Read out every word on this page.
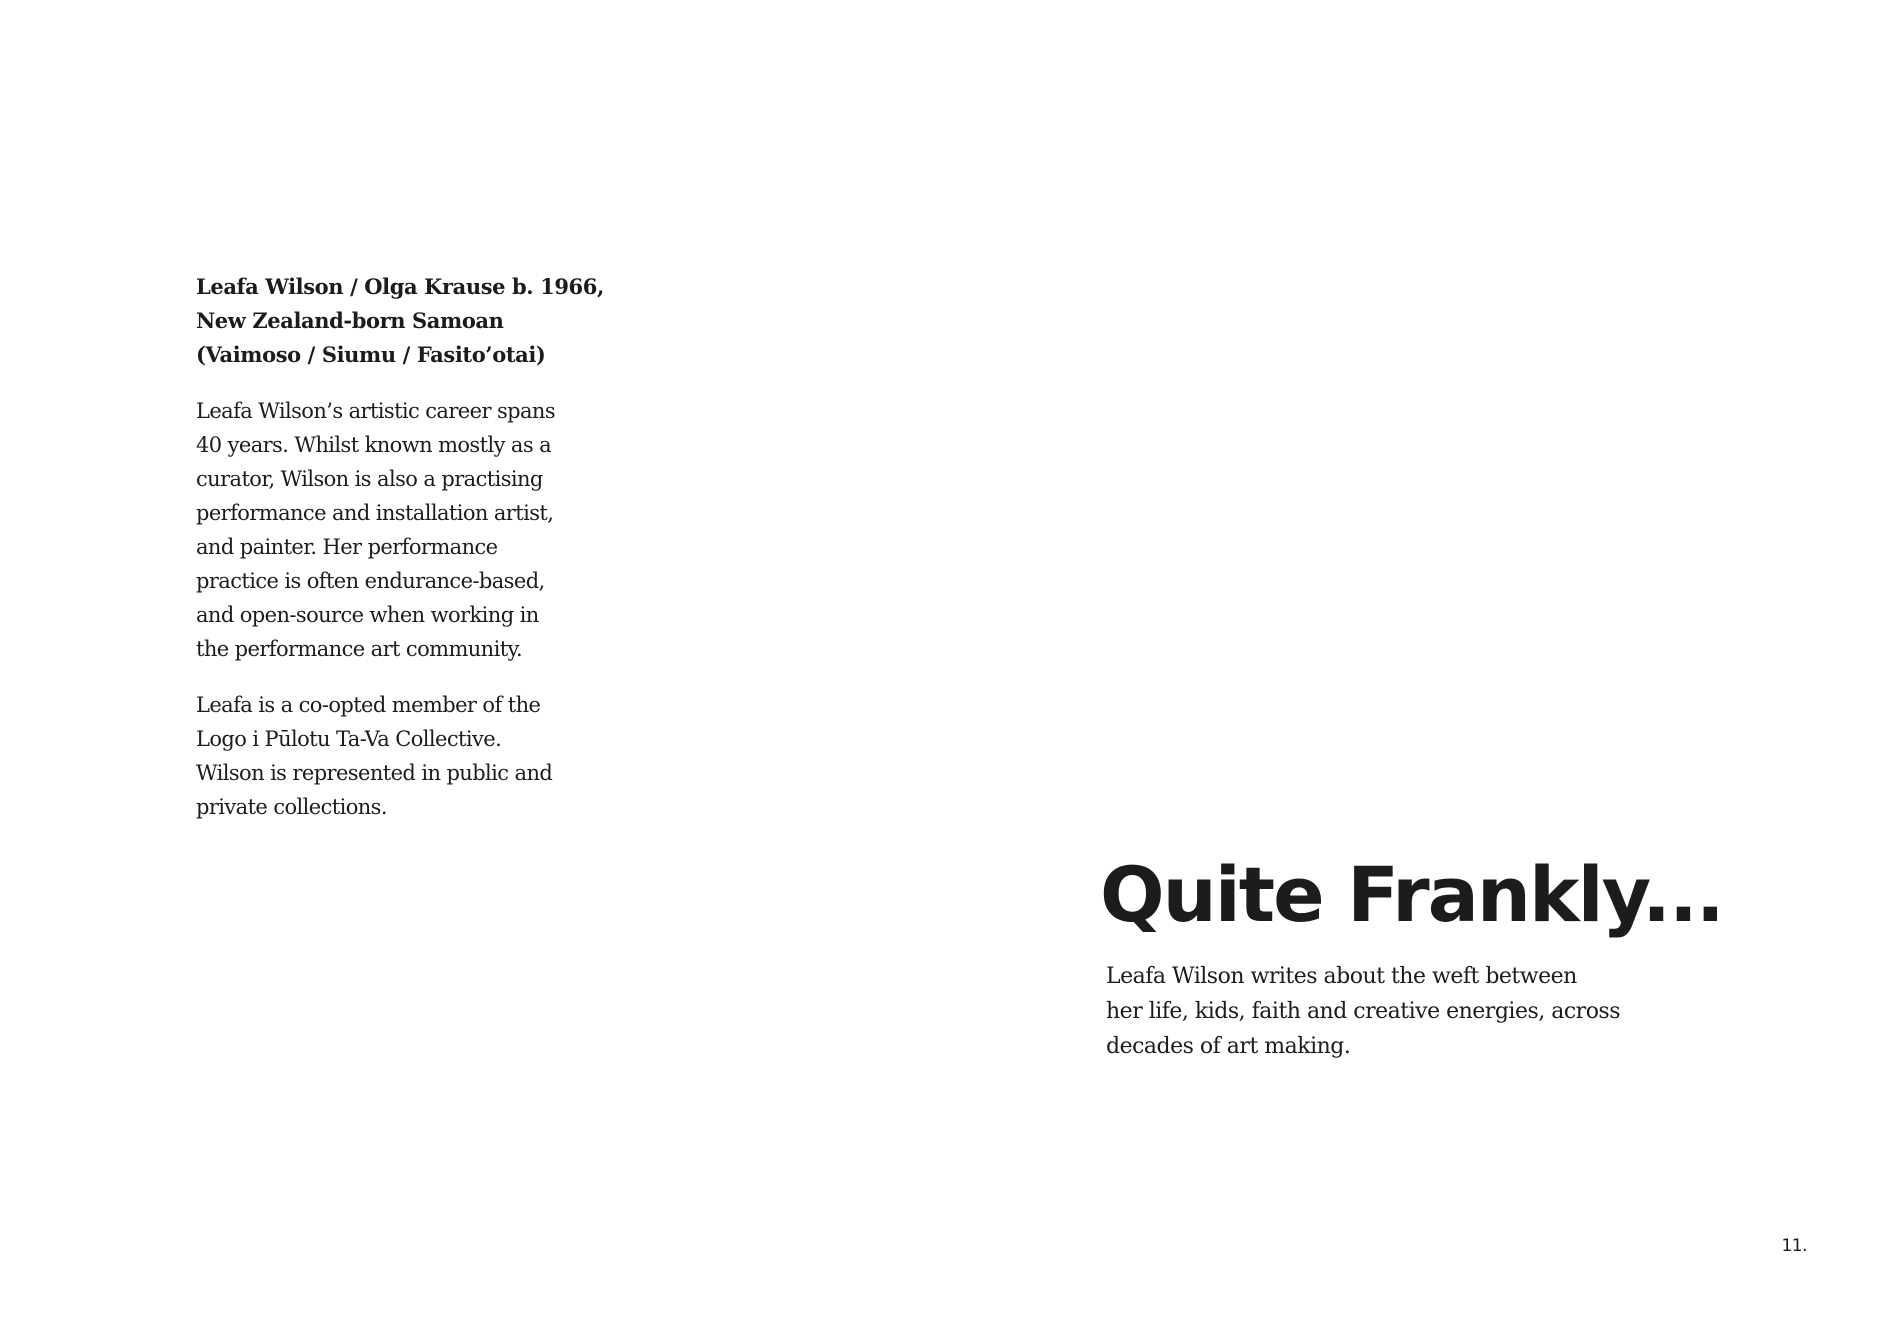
Leafa Wilson / Olga Krause b. 1966,
New Zealand-born Samoan
(Vaimoso / Siumu / Fasito’otai)

Leafa Wilson’s artistic career spans
40 years. Whilst known mostly as a
curator, Wilson is also a practising
performance and installation artist,
and painter. Her performance
practice is often endurance-based,
and open-source when working in
the performance art community.

Leafa is a co-opted member of the
Logo i Pūlotu Ta-Va Collective.
Wilson is represented in public and
private collections.

Quite Frankly...

Leafa Wilson writes about the weft between
her life, kids, faith and creative energies, across
decades of art making.

11.
